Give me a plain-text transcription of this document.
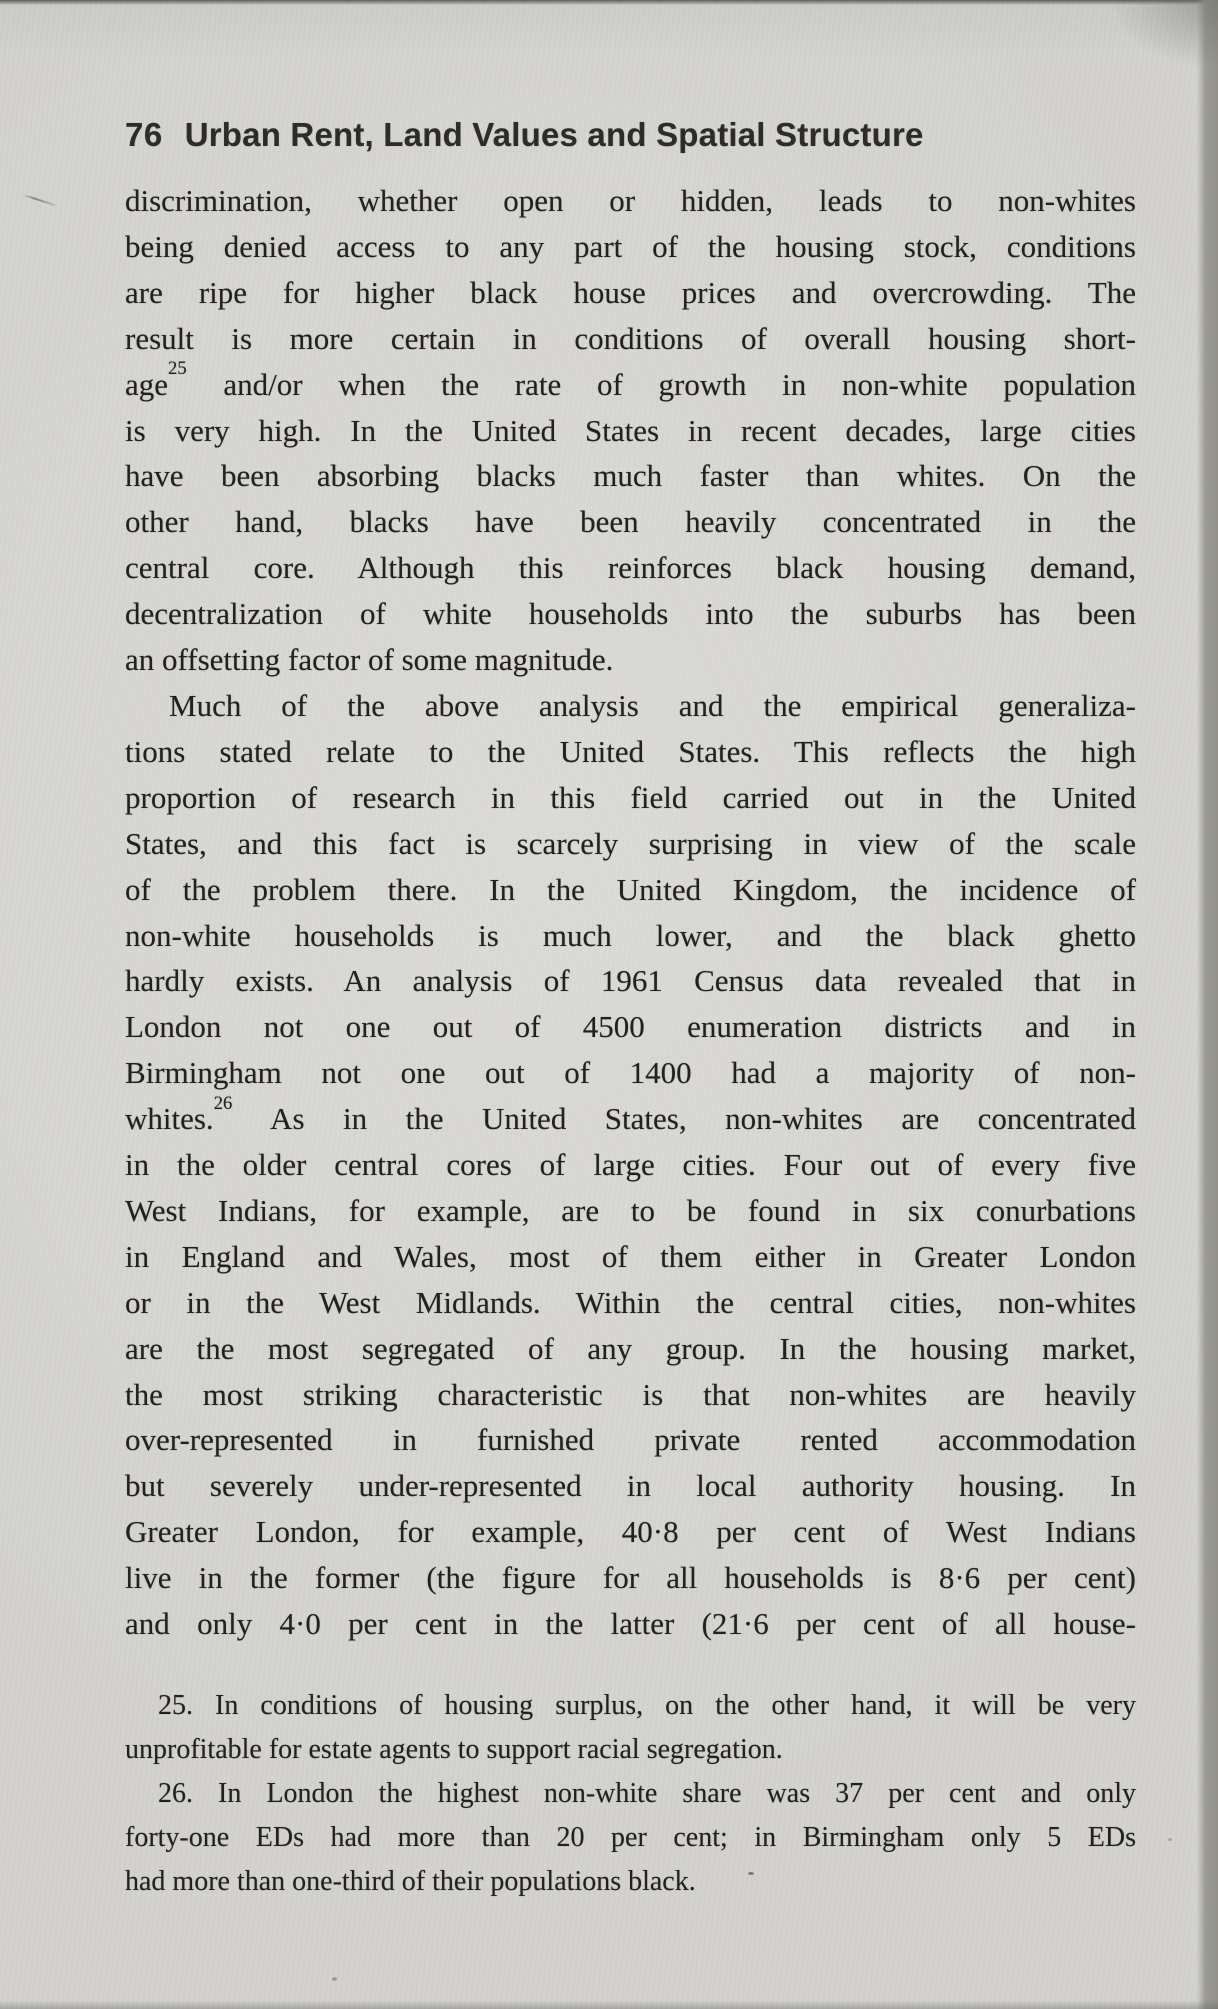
76 Urban Rent, Land Values and Spatial Structure
discrimination, whether open or hidden, leads to non-whites
being denied access to any part of the housing stock, conditions
are ripe for higher black house prices and overcrowding. The
result is more certain in conditions of overall housing short-
age$^{25}$ and/or when the rate of growth in non-white population
is very high. In the United States in recent decades, large cities
have been absorbing blacks much faster than whites. On the
other hand, blacks have been heavily concentrated in the
central core. Although this reinforces black housing demand,
decentralization of white households into the suburbs has been
an offsetting factor of some magnitude.
Much of the above analysis and the empirical generaliza-
tions stated relate to the United States. This reflects the high
proportion of research in this field carried out in the United
States, and this fact is scarcely surprising in view of the scale
of the problem there. In the United Kingdom, the incidence of
non-white households is much lower, and the black ghetto
hardly exists. An analysis of 1961 Census data revealed that in
London not one out of 4500 enumeration districts and in
Birmingham not one out of 1400 had a majority of non-
whites.$^{26}$ As in the United States, non-whites are concentrated
in the older central cores of large cities. Four out of every five
West Indians, for example, are to be found in six conurbations
in England and Wales, most of them either in Greater London
or in the West Midlands. Within the central cities, non-whites
are the most segregated of any group. In the housing market,
the most striking characteristic is that non-whites are heavily
over-represented in furnished private rented accommodation
but severely under-represented in local authority housing. In
Greater London, for example, 40·8 per cent of West Indians
live in the former (the figure for all households is 8·6 per cent)
and only 4·0 per cent in the latter (21·6 per cent of all house-
25. In conditions of housing surplus, on the other hand, it will be very
unprofitable for estate agents to support racial segregation.
26. In London the highest non-white share was 37 per cent and only
forty-one EDs had more than 20 per cent; in Birmingham only 5 EDs
had more than one-third of their populations black.
